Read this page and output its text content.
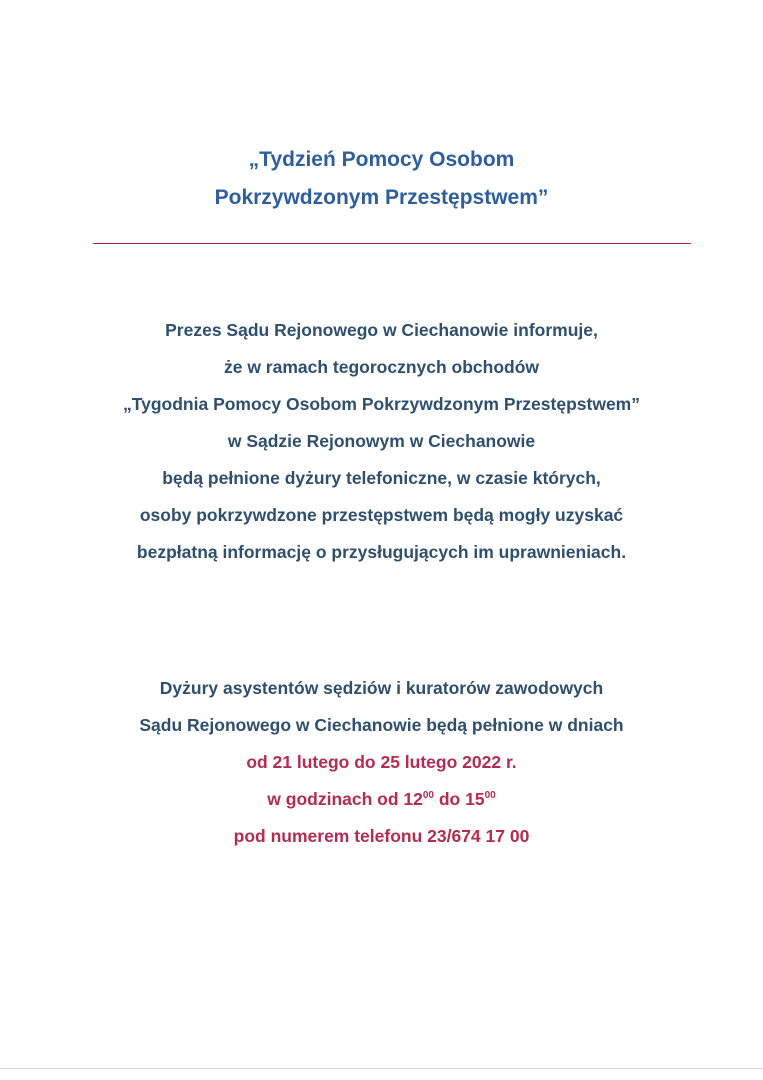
„Tydzień Pomocy Osobom
Pokrzywdzonym Przestępstwem”
Prezes Sądu Rejonowego w Ciechanowie informuje,
że w ramach tegorocznych obchodów
„Tygodnia Pomocy Osobom Pokrzywdzonym Przestępstwem”
w Sądzie Rejonowym w Ciechanowie
będą pełnione dyżury telefoniczne, w czasie których,
osoby pokrzywdzone przestępstwem będą mogły uzyskać
bezpłatną informację o przysługujących im uprawnieniach.
Dyżury asystentów sędziów i kuratorów zawodowych
Sądu Rejonowego w Ciechanowie będą pełnione w dniach
od 21 lutego do 25 lutego 2022 r.
w godzinach od $12^{00}$ do $15^{00}$
pod numerem telefonu 23/674 17 00
